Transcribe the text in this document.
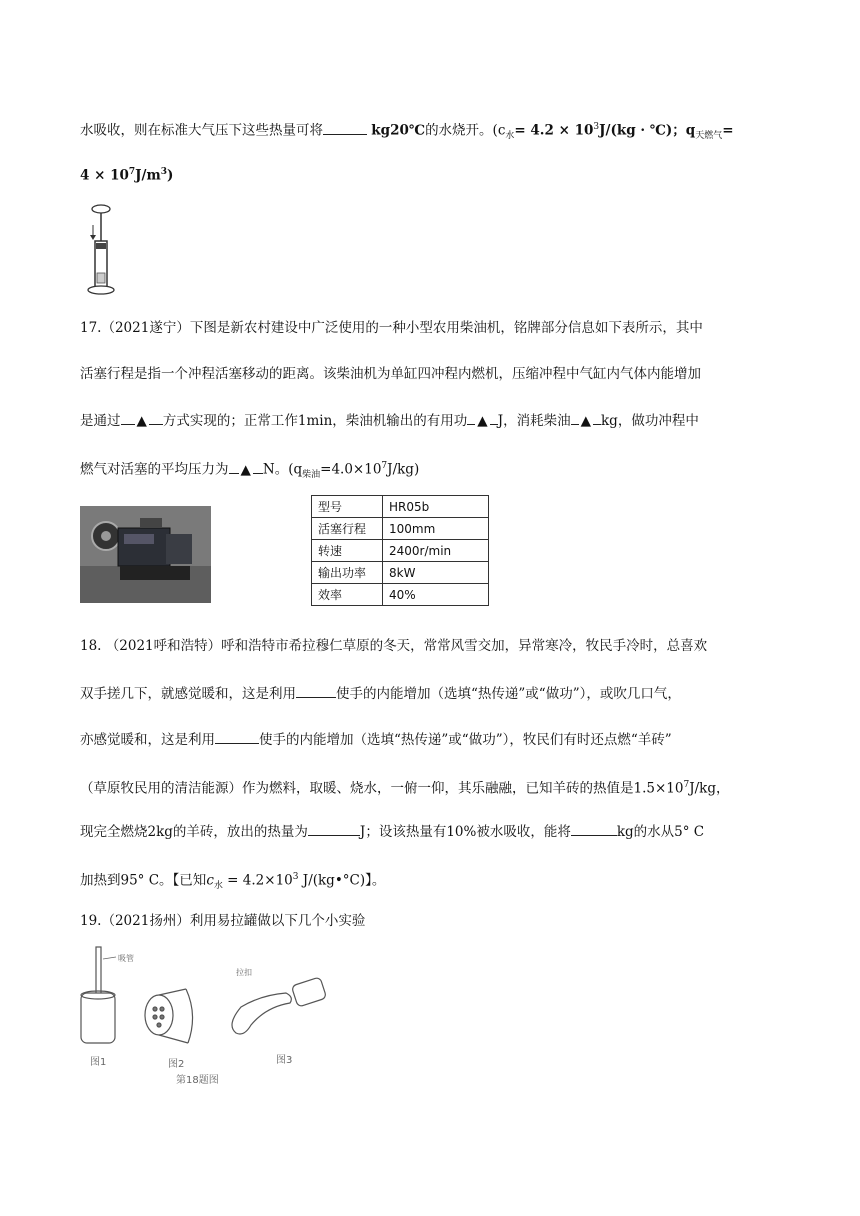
水吸收，则在标准大气压下这些热量可将	kg20℃的水烧开。($c_水= 4.2 \times 10^3J/(kg$ · ℃)；$q_{天燃气}=$
$4 \times 10^7J/m^3$)
17.（2021遂宁）下图是新农村建设中广泛使用的一种小型农用柴油机，铭牌部分信息如下表所示，其中
活塞行程是指一个冲程活塞移动的距离。该柴油机为单缸四冲程内燃机，压缩冲程中气缸内气体内能增加
是通过 ▲ 方式实现的；正常工作1min，柴油机输出的有用功 ▲ J，消耗柴油 ▲ kg，做功冲程中
燃气对活塞的平均压力为 ▲ N。$(q_{柴油}=4.0\times 10^7J/kg)$
型号	HR05b
活塞行程	100mm
转速	2400r/min
输出功率	8kW
效率	40%
18. （2021呼和浩特）呼和浩特市希拉穆仁草原的冬天，常常风雪交加，异常寒冷，牧民手冷时，总喜欢
双手搓几下，就感觉暖和，这是利用	使手的内能增加（选填“热传递”或“做功”），或吹几口气，
亦感觉暖和，这是利用	使手的内能增加（选填“热传递”或“做功”），牧民们有时还点燃“羊砖”
（草原牧民用的清洁能源）作为燃料，取暖、烧水，一俯一仰，其乐融融，已知羊砖的热值是$1.5\times 10^7J/kg$，
现完全燃烧2kg的羊砖，放出的热量为	J；设该热量有10%被水吸收，能将	kg的水从5° C
加热到95° C。【已知$c_水 = 4.2\times 10^3$ J/(kg•°C)】。
19.（2021扬州）利用易拉罐做以下几个小实验
吸管
图1	图2
拉扣
图3
第18题图
